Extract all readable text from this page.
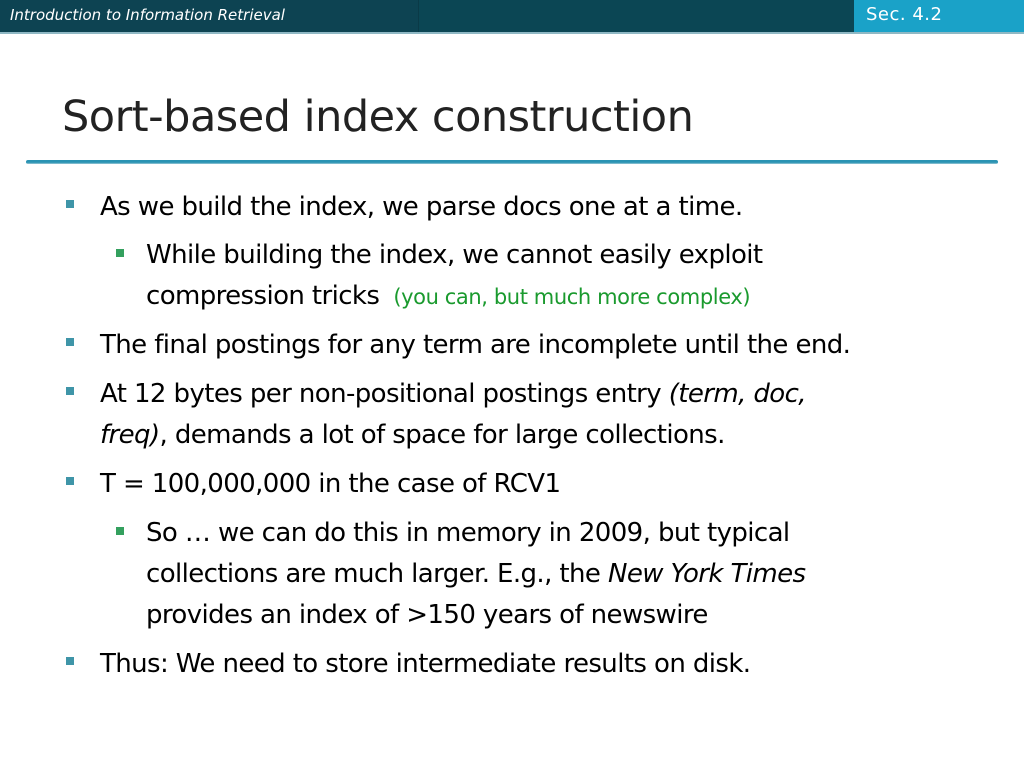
Introduction to Information Retrieval	Sec. 4.2
Sort-based index construction
As we build the index, we parse docs one at a time.
While building the index, we cannot easily exploit
compression tricks (you can, but much more complex)
The final postings for any term are incomplete until the end.
At 12 bytes per non-positional postings entry (term, doc,
freq), demands a lot of space for large collections.
T = 100,000,000 in the case of RCV1
So … we can do this in memory in 2009, but typical
collections are much larger. E.g., the New York Times
provides an index of >150 years of newswire
Thus: We need to store intermediate results on disk.
